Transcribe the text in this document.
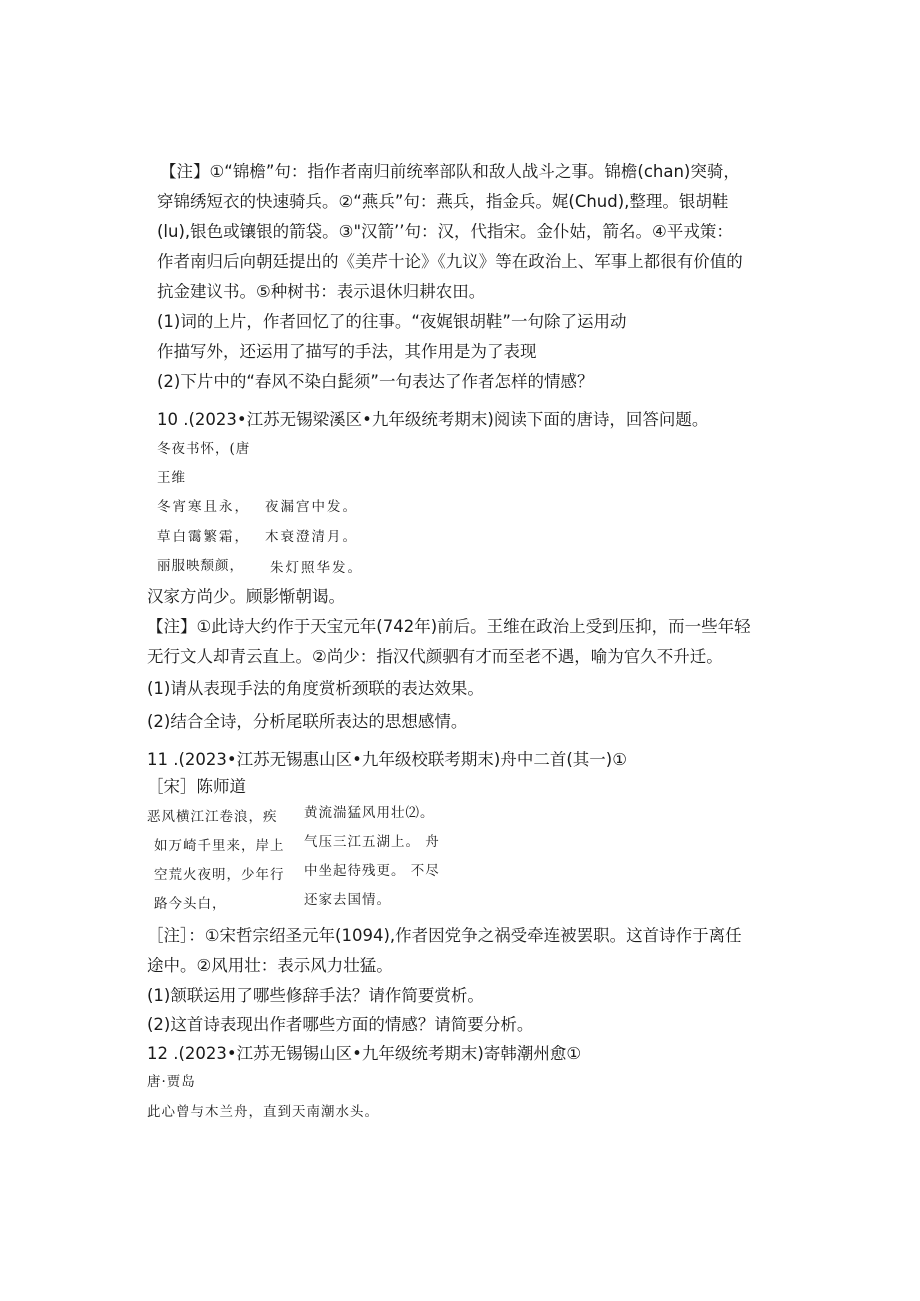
【注】①“锦檐”句：指作者南归前统率部队和敌人战斗之事。锦檐(chan)突骑，
穿锦绣短衣的快速骑兵。②“燕兵”句：燕兵，指金兵。娓(Chud),整理。银胡鞋
(lu),银色或镶银的箭袋。③"汉箭’’句：汉，代指宋。金仆姑，箭名。④平戎策：
作者南归后向朝廷提出的《美芹十论》《九议》等在政治上、军事上都很有价值的
抗金建议书。⑤种树书：表示退休归耕农田。
(1)词的上片，作者回忆了的往事。“夜娓银胡鞋”一句除了运用动
作描写外，还运用了描写的手法，其作用是为了表现
(2)下片中的“春风不染白髭须”一句表达了作者怎样的情感？
10 .(2023•江苏无锡梁溪区•九年级统考期末)阅读下面的唐诗，回答问题。
冬夜书怀，(唐
王维
冬宵寒且永， 夜漏宫中发。
草白霭繁霜， 木衰澄清月。
丽服映颓颜， 朱灯照华发。
汉家方尚少。顾影惭朝谒。
【注】①此诗大约作于天宝元年(742年)前后。王维在政治上受到压抑，而一些年轻
无行文人却青云直上。②尚少：指汉代颜驷有才而至老不遇，喻为官久不升迁。
(1)请从表现手法的角度赏析颈联的表达效果。
(2)结合全诗，分析尾联所表达的思想感情。
11 .(2023•江苏无锡惠山区•九年级校联考期末)舟中二首(其一)①
［宋］陈师道
恶风横江江卷浪，疾 黄流湍猛风用壮⑵。
如万崎千里来，岸上 气压三江五湖上。 舟
空荒火夜明，少年行 中坐起待残更。 不尽
路今头白，	还家去国情。
［注］：①宋哲宗绍圣元年(1094),作者因党争之祸受牵连被罢职。这首诗作于离任
途中。②风用壮：表示风力壮猛。
(1)颔联运用了哪些修辞手法？请作简要赏析。
(2)这首诗表现出作者哪些方面的情感？请简要分析。
12 .(2023•江苏无锡锡山区•九年级统考期末)寄韩潮州愈①
唐·贾岛
此心曾与木兰舟，直到天南潮水头。
